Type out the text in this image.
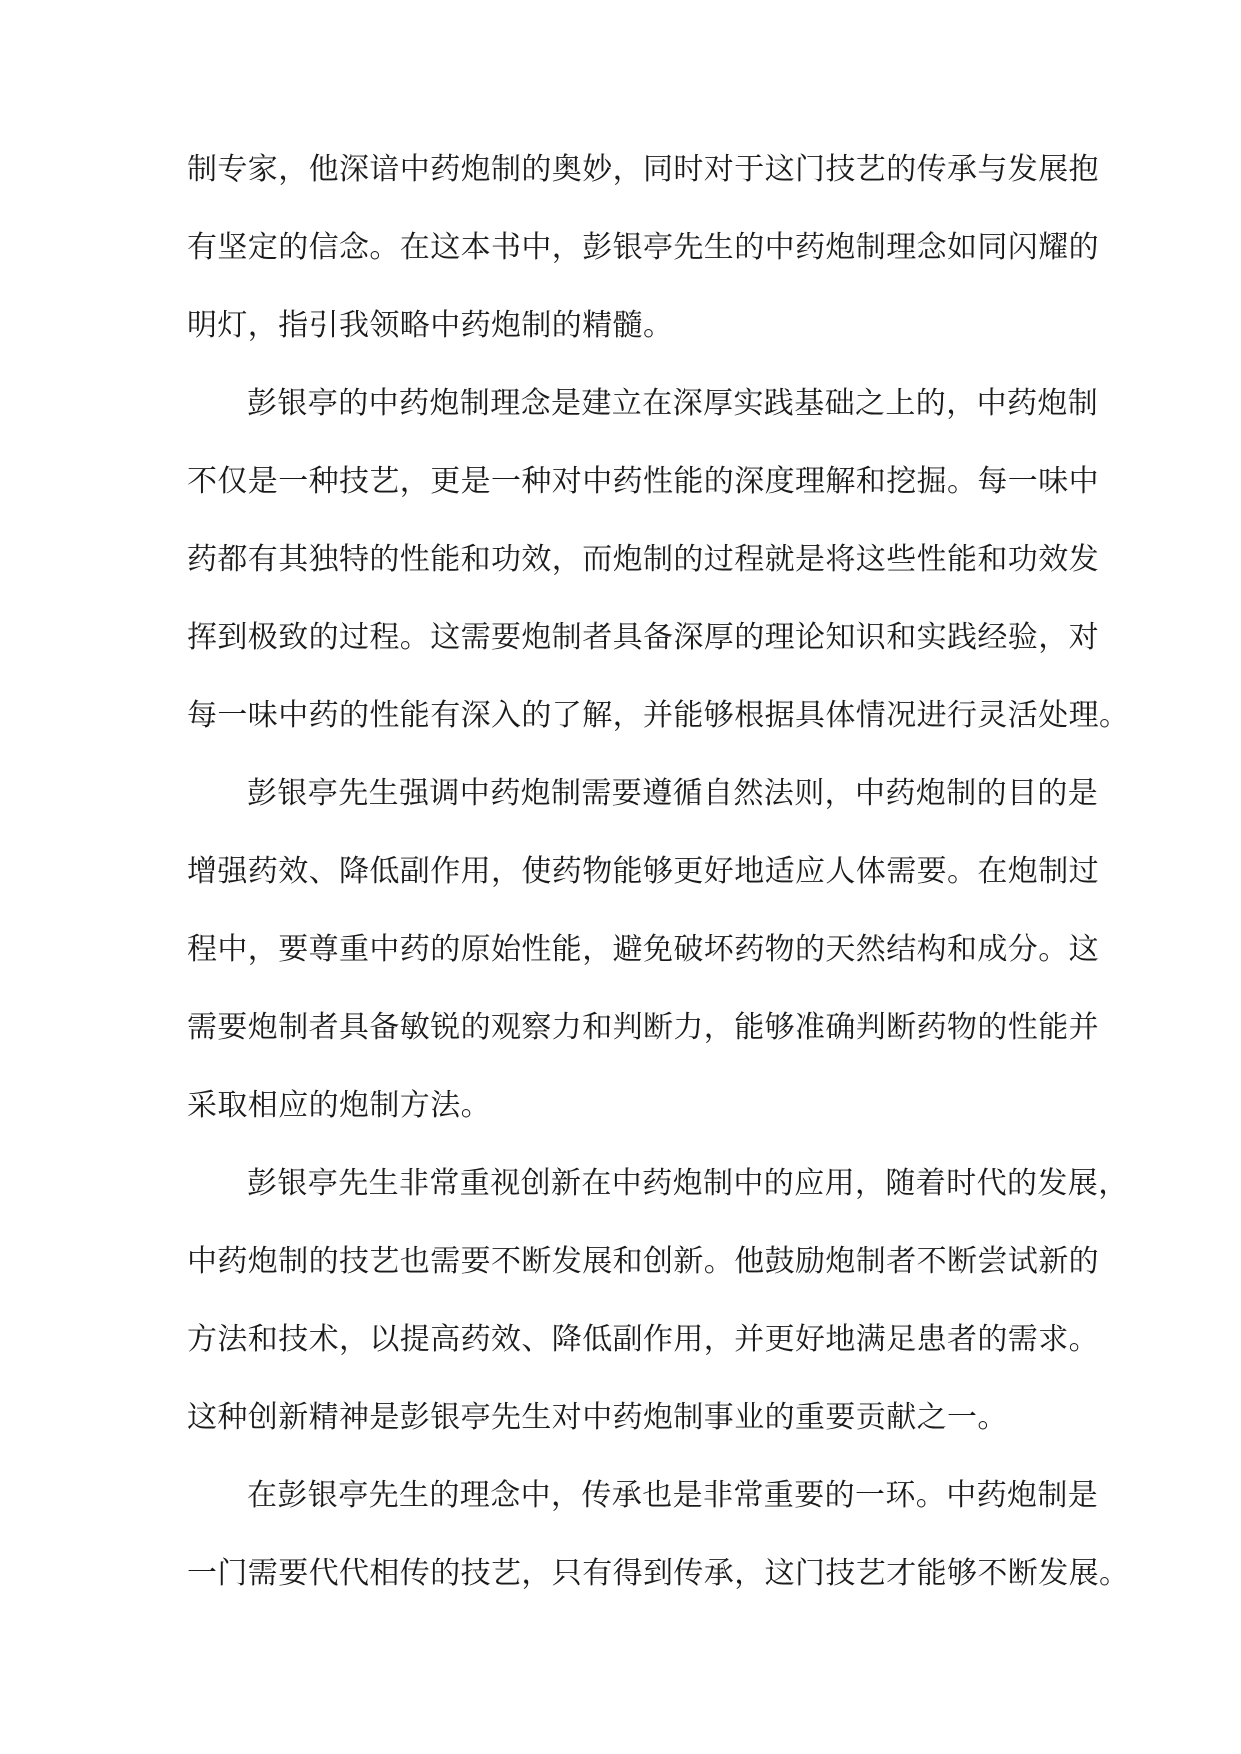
制专家，他深谙中药炮制的奥妙，同时对于这门技艺的传承与发展抱
有坚定的信念。在这本书中，彭银亭先生的中药炮制理念如同闪耀的
明灯，指引我领略中药炮制的精髓。
彭银亭的中药炮制理念是建立在深厚实践基础之上的，中药炮制
不仅是一种技艺，更是一种对中药性能的深度理解和挖掘。每一味中
药都有其独特的性能和功效，而炮制的过程就是将这些性能和功效发
挥到极致的过程。这需要炮制者具备深厚的理论知识和实践经验，对
每一味中药的性能有深入的了解，并能够根据具体情况进行灵活处理。
彭银亭先生强调中药炮制需要遵循自然法则，中药炮制的目的是
增强药效、降低副作用，使药物能够更好地适应人体需要。在炮制过
程中，要尊重中药的原始性能，避免破坏药物的天然结构和成分。这
需要炮制者具备敏锐的观察力和判断力，能够准确判断药物的性能并
采取相应的炮制方法。
彭银亭先生非常重视创新在中药炮制中的应用，随着时代的发展，
中药炮制的技艺也需要不断发展和创新。他鼓励炮制者不断尝试新的
方法和技术，以提高药效、降低副作用，并更好地满足患者的需求。
这种创新精神是彭银亭先生对中药炮制事业的重要贡献之一。
在彭银亭先生的理念中，传承也是非常重要的一环。中药炮制是
一门需要代代相传的技艺，只有得到传承，这门技艺才能够不断发展。
